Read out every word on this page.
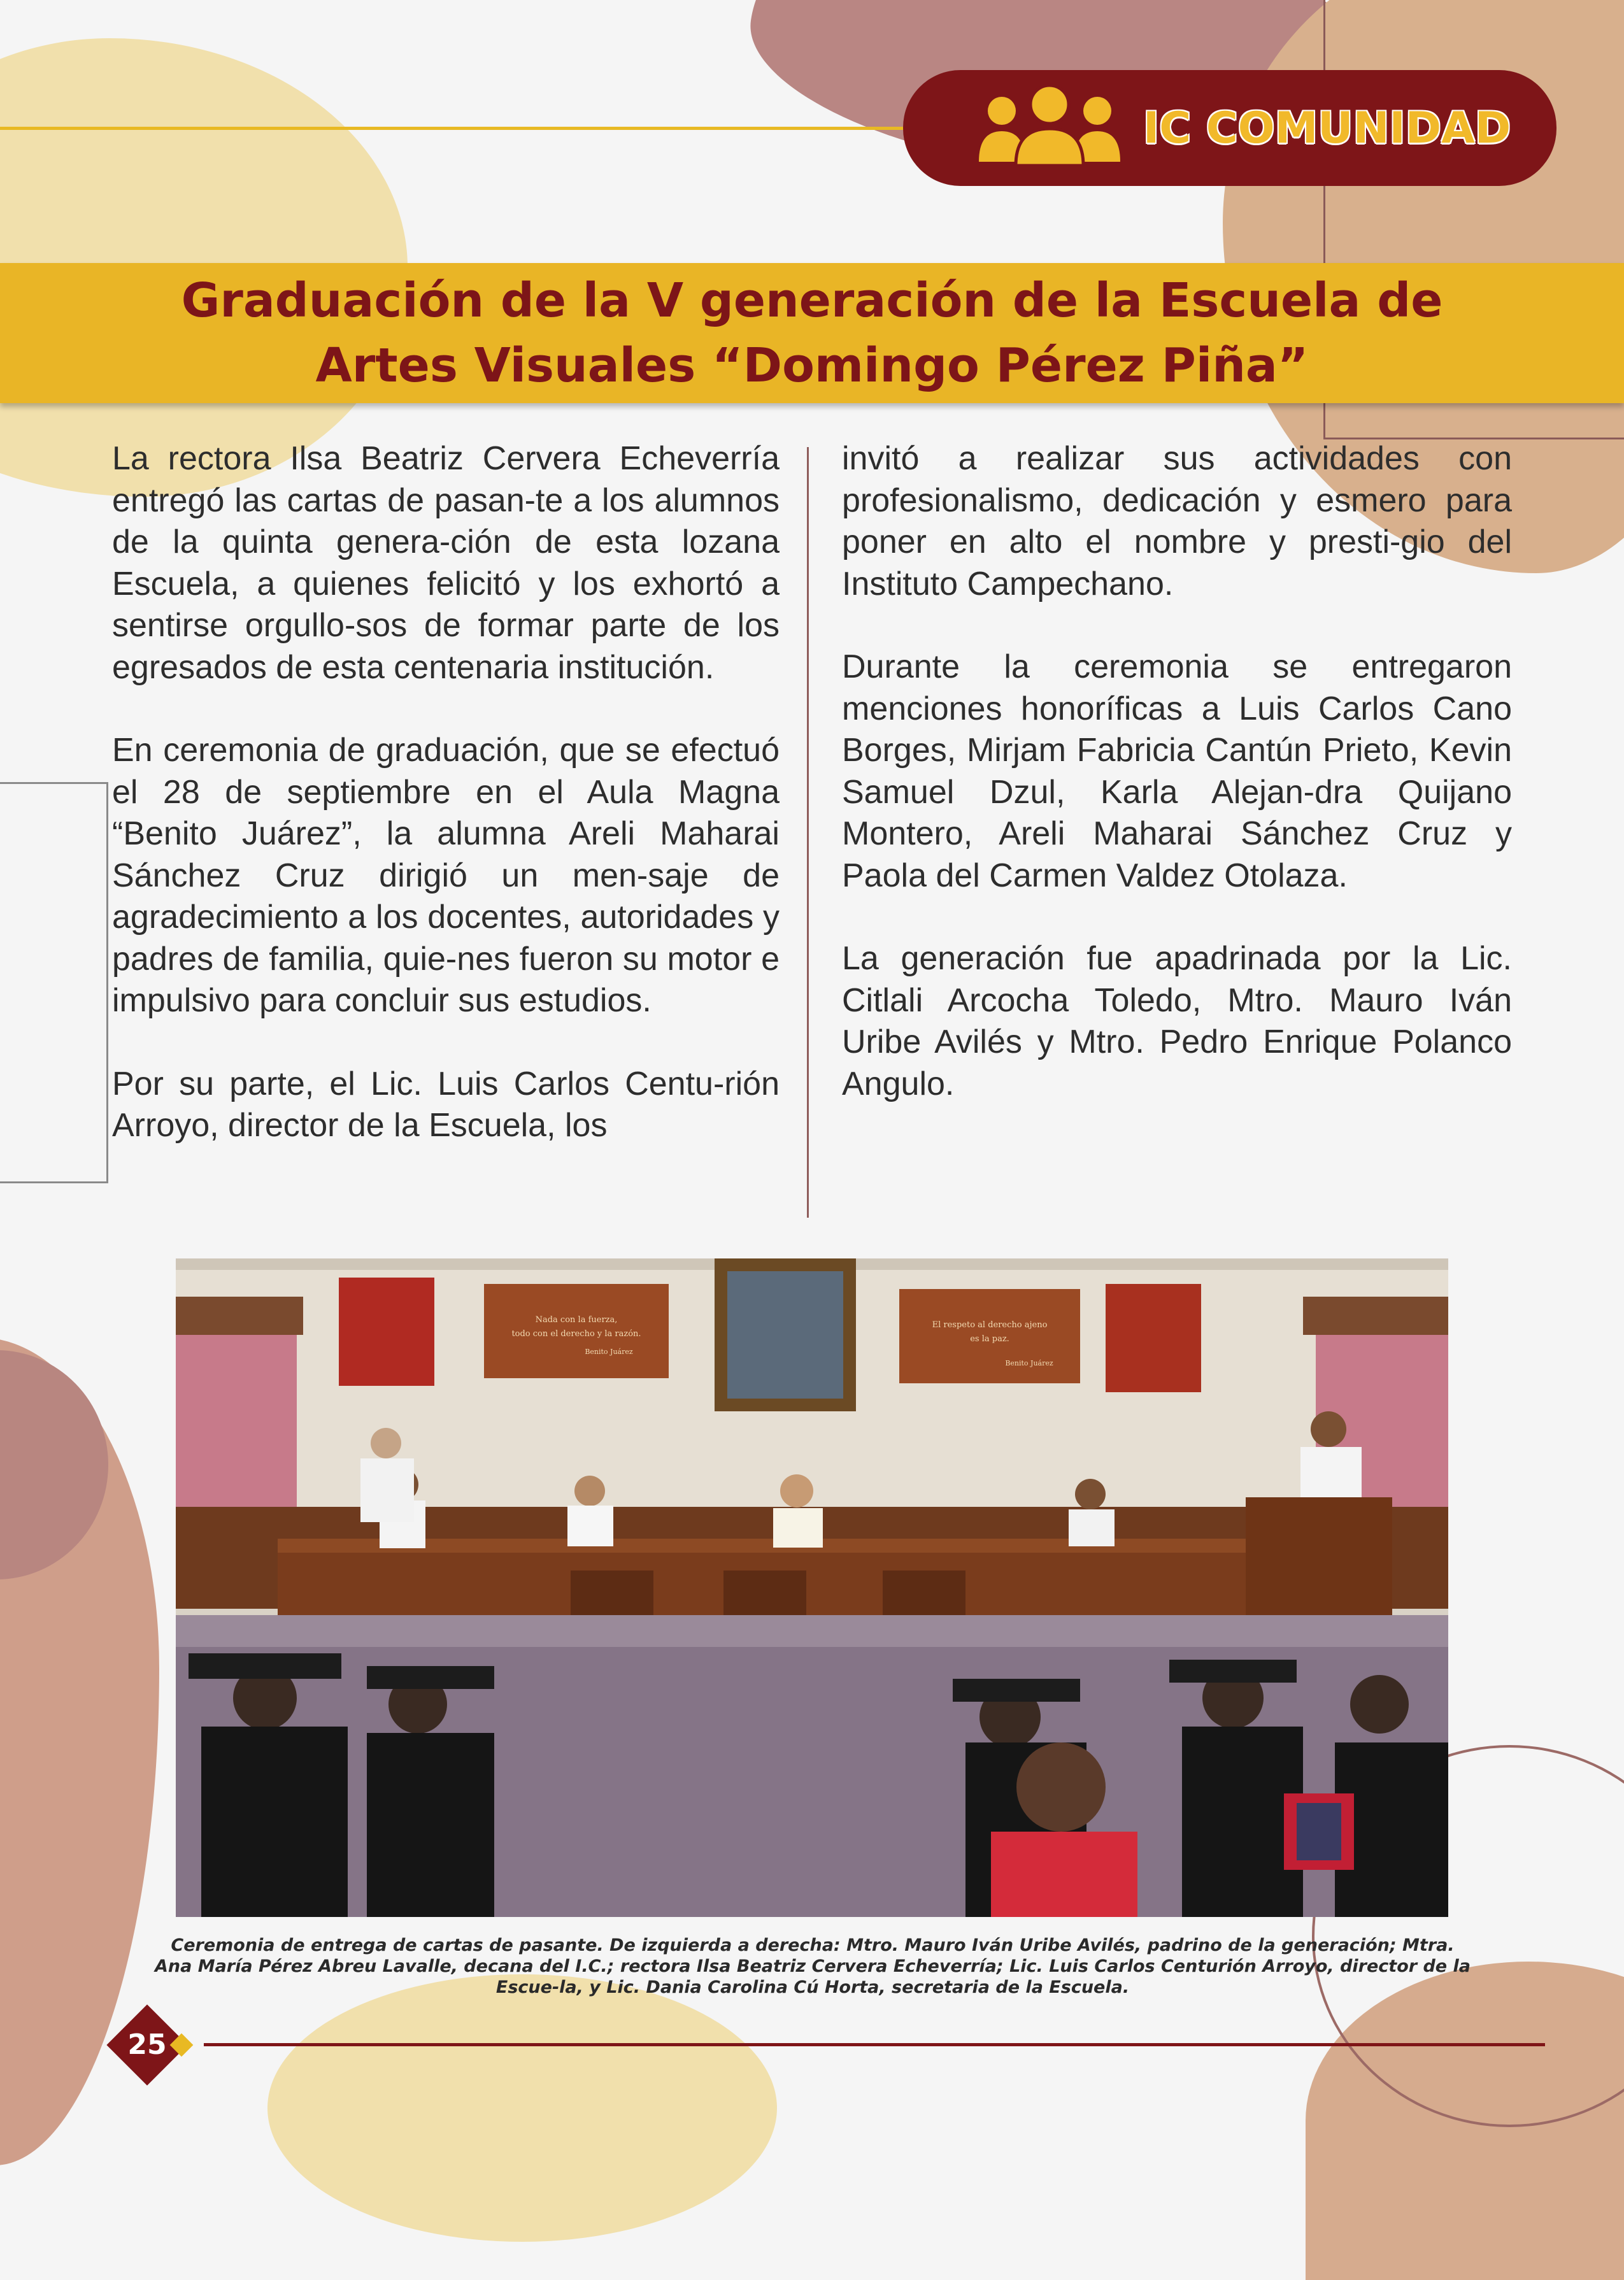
IC COMUNIDAD
Graduación de la V generación de la Escuela de
Artes Visuales “Domingo Pérez Piña”

La rectora Ilsa Beatriz Cervera Echeverría entregó las cartas de pasan-te a los alumnos de la quinta genera-ción de esta lozana Escuela, a quienes felicitó y los exhortó a sentirse orgullo-sos de formar parte de los egresados de esta centenaria institución.

En ceremonia de graduación, que se efectuó el 28 de septiembre en el Aula Magna “Benito Juárez”, la alumna Areli Maharai Sánchez Cruz dirigió un men-saje de agradecimiento a los docentes, autoridades y padres de familia, quie-nes fueron su motor e impulsivo para concluir sus estudios.

Por su parte, el Lic. Luis Carlos Centu-rión Arroyo, director de la Escuela, los

invitó a realizar sus actividades con profesionalismo, dedicación y esmero para poner en alto el nombre y presti-gio del Instituto Campechano.

Durante la ceremonia se entregaron menciones honoríficas a Luis Carlos Cano Borges, Mirjam Fabricia Cantún Prieto, Kevin Samuel Dzul, Karla Alejan-dra Quijano Montero, Areli Maharai Sánchez Cruz y Paola del Carmen Valdez Otolaza.

La generación fue apadrinada por la Lic. Citlali Arcocha Toledo, Mtro. Mauro Iván Uribe Avilés y Mtro. Pedro Enrique Polanco Angulo.

Nada con la fuerza,
todo con el derecho y la razón.
Benito Juárez
El respeto al derecho ajeno
es la paz.
Benito Juárez
Ceremonia de entrega de cartas de pasante. De izquierda a derecha: Mtro. Mauro Iván Uribe Avilés, padrino de la generación; Mtra. Ana María Pérez Abreu Lavalle, decana del I.C.; rectora Ilsa Beatriz Cervera Echeverría; Lic. Luis Carlos Centurión Arroyo, director de la Escue-la, y Lic. Dania Carolina Cú Horta, secretaria de la Escuela.
25
